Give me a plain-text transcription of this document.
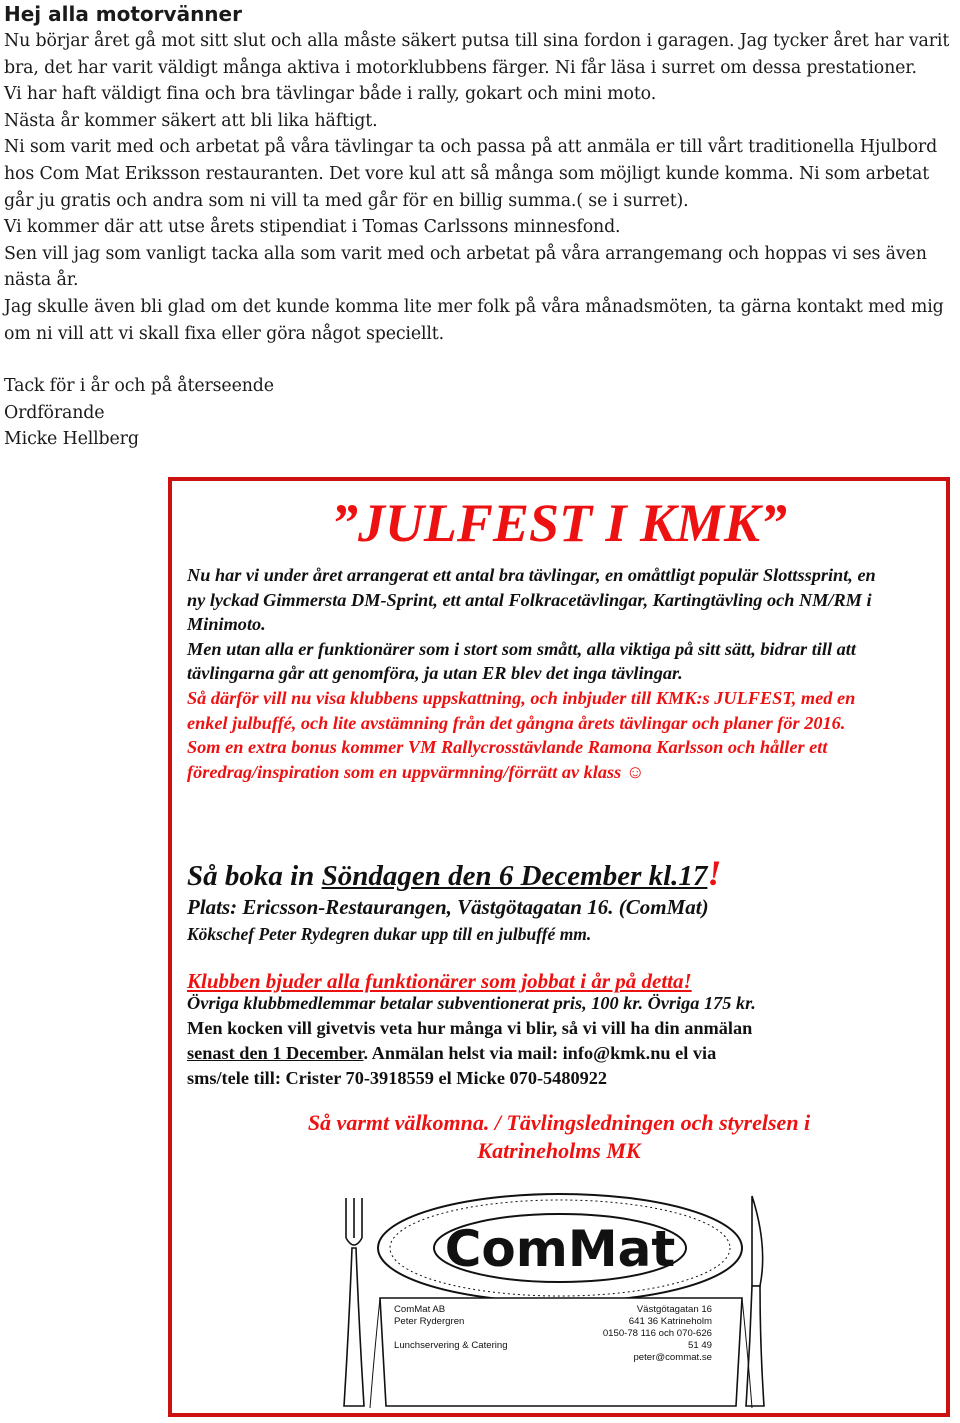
Hej alla motorvänner

Nu börjar året gå mot sitt slut och alla måste säkert putsa till sina fordon i garagen. Jag tycker året har varit bra, det har varit väldigt många aktiva i motorklubbens färger. Ni får läsa i surret om dessa prestationer.

Vi har haft väldigt fina och bra tävlingar både i rally, gokart och mini moto.

Nästa år kommer säkert att bli lika häftigt.

Ni som varit med och arbetat på våra tävlingar ta och passa på att anmäla er till vårt traditionella Hjulbord hos Com Mat Eriksson restauranten. Det vore kul att så många som möjligt kunde komma. Ni som arbetat går ju gratis och andra som ni vill ta med går för en billig summa.( se i surret).

Vi kommer där att utse årets stipendiat i Tomas Carlssons minnesfond.

Sen vill jag som vanligt tacka alla som varit med och arbetat på våra arrangemang och hoppas vi ses även nästa år.

Jag skulle även bli glad om det kunde komma lite mer folk på våra månadsmöten, ta gärna kontakt med mig om ni vill att vi skall fixa eller göra något speciellt.

Tack för i år och på återseende

Ordförande

Micke Hellberg

”JULFEST I KMK”
Nu har vi under året arrangerat ett antal bra tävlingar, en omåttligt populär Slottssprint, en ny lyckad Gimmersta DM-Sprint, ett antal Folkracetävlingar, Kartingtävling och NM/RM i Minimoto.
Men utan alla er funktionärer som i stort som smått, alla viktiga på sitt sätt, bidrar till att tävlingarna går att genomföra, ja utan ER blev det inga tävlingar.
Så därför vill nu visa klubbens uppskattning, och inbjuder till KMK:s JULFEST, med en enkel julbuffé, och lite avstämning från det gångna årets tävlingar och planer för 2016.
Som en extra bonus kommer VM Rallycrosstävlande Ramona Karlsson och håller ett föredrag/inspiration som en uppvärmning/förrätt av klass ☺
Så boka in Söndagen den 6 December kl.17!
Plats: Ericsson-Restaurangen, Västgötagatan 16. (ComMat)
Kökschef Peter Rydegren dukar upp till en julbuffé mm.
Klubben bjuder alla funktionärer som jobbat i år på detta!
Övriga klubbmedlemmar betalar subventionerat pris, 100 kr. Övriga 175 kr.
Men kocken vill givetvis veta hur många vi blir, så vi vill ha din anmälan
senast den 1 December. Anmälan helst via mail: info@kmk.nu el via
sms/tele till: Crister 70-3918559 el Micke 070-5480922
Så varmt välkomna. / Tävlingsledningen och styrelsen i
Katrineholms MK
ComMat
ComMat AB
Peter Rydergren
Lunchservering & Catering
Västgötagatan 16
641 36 Katrineholm
0150-78 116 och 070-626 51 49
peter@commat.se
